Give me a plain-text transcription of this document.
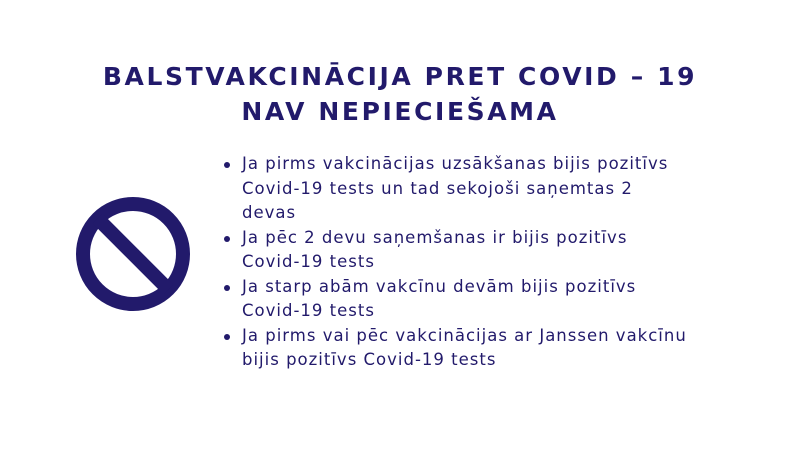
BALSTVAKCINĀCIJA PRET COVID – 19
NAV NEPIECIEŠAMA
Ja pirms vakcinācijas uzsākšanas bijis pozitīvs
Covid-19 tests un tad sekojoši saņemtas 2
devas
Ja pēc 2 devu saņemšanas ir bijis pozitīvs
Covid-19 tests
Ja starp abām vakcīnu devām bijis pozitīvs
Covid-19 tests
Ja pirms vai pēc vakcinācijas ar Janssen vakcīnu
bijis pozitīvs Covid-19 tests
